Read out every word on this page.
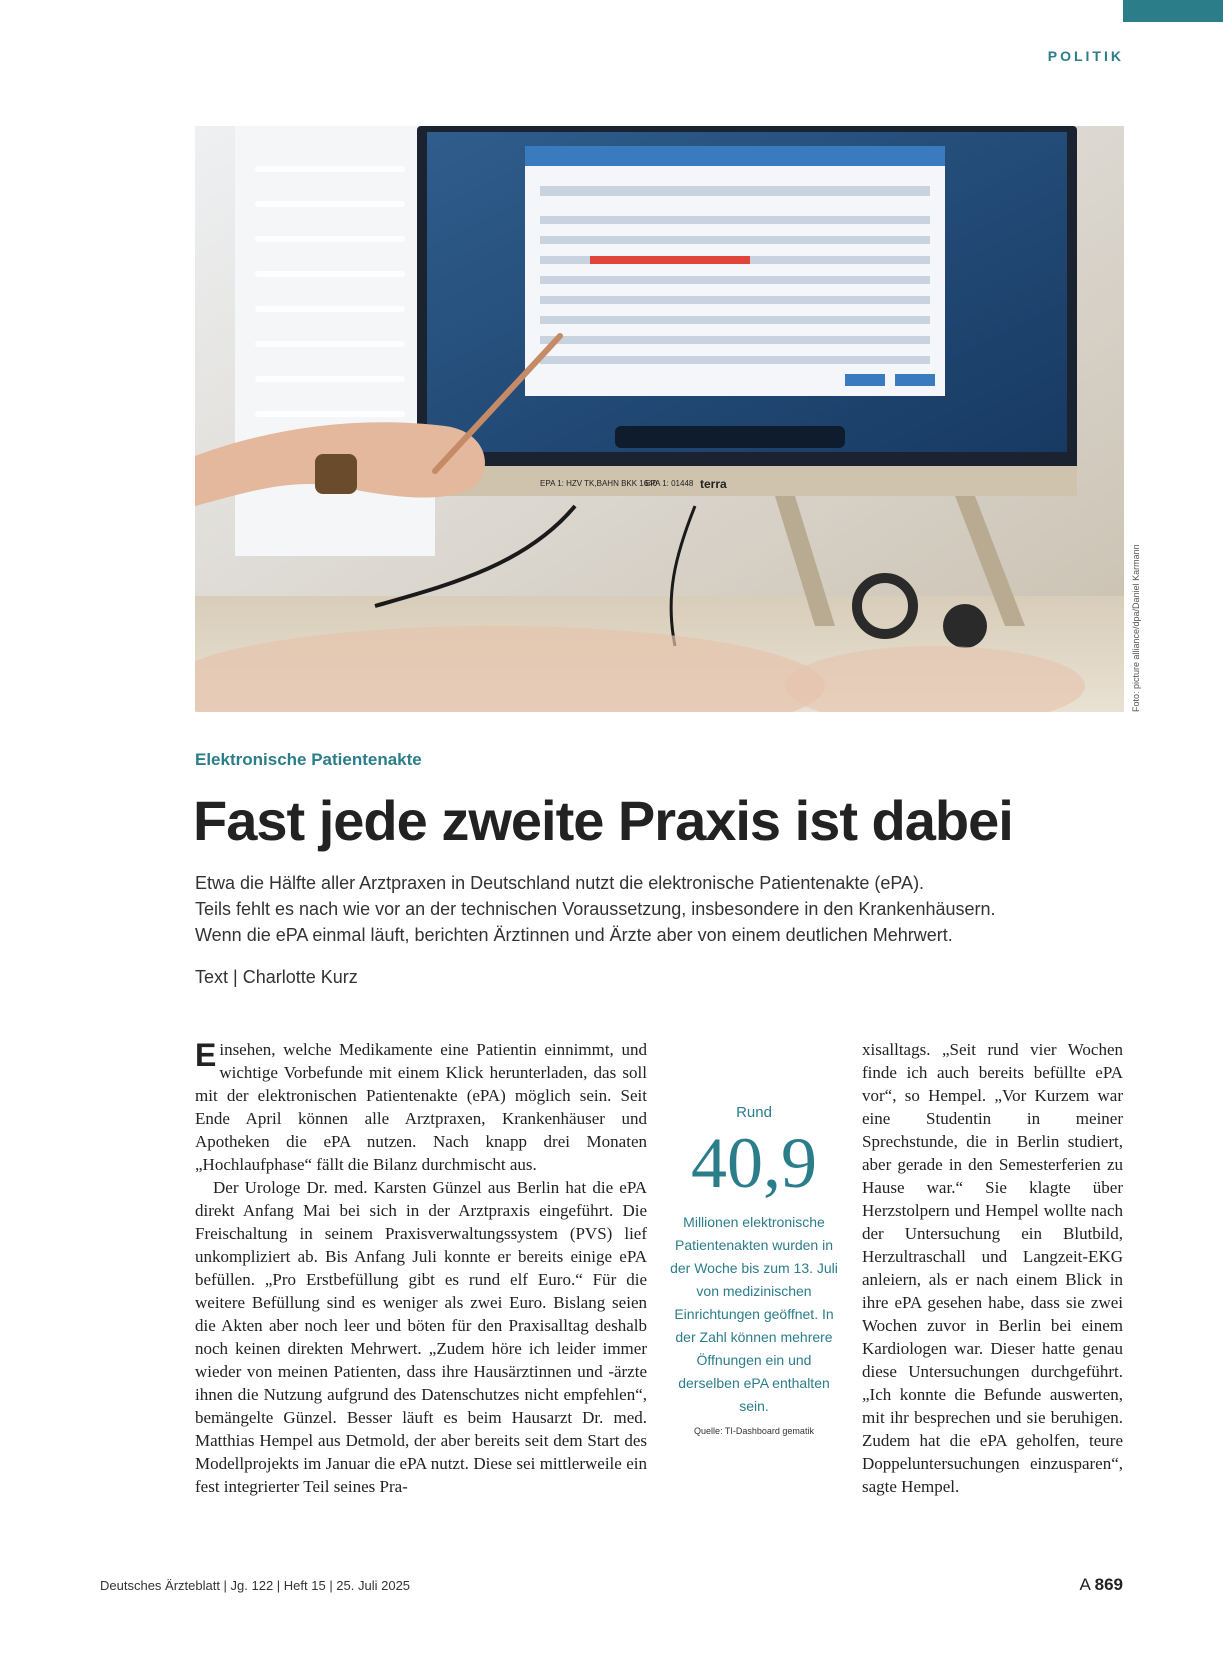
POLITIK
EPA 1: HZV TK,BAHN BKK 1640
EPA 1: 01448 terra
Foto: picture alliance/dpa/Daniel Karmann
Elektronische Patientenakte
Fast jede zweite Praxis ist dabei
Etwa die Hälfte aller Arztpraxen in Deutschland nutzt die elektronische Patientenakte (ePA).
Teils fehlt es nach wie vor an der technischen Voraussetzung, insbesondere in den Krankenhäusern.
Wenn die ePA einmal läuft, berichten Ärztinnen und Ärzte aber von einem deutlichen Mehrwert.
Text | Charlotte Kurz

Einsehen, welche Medikamente eine Patientin einnimmt, und wichtige Vorbefunde mit einem Klick herunterladen, das soll mit der elektronischen Patientenakte (ePA) möglich sein. Seit Ende April können alle Arztpraxen, Krankenhäuser und Apotheken die ePA nutzen. Nach knapp drei Monaten „Hochlaufphase“ fällt die Bilanz durchmischt aus.

Der Urologe Dr. med. Karsten Günzel aus Berlin hat die ePA direkt Anfang Mai bei sich in der Arztpraxis eingeführt. Die Freischaltung in seinem Praxisverwaltungssystem (PVS) lief unkompliziert ab. Bis Anfang Juli konnte er bereits einige ePA befüllen. „Pro Erstbefüllung gibt es rund elf Euro.“ Für die weitere Befüllung sind es weniger als zwei Euro. Bislang seien die Akten aber noch leer und böten für den Praxisalltag deshalb noch keinen direkten Mehrwert. „Zudem höre ich leider immer wieder von meinen Patienten, dass ihre Hausärztinnen und -ärzte ihnen die Nutzung aufgrund des Datenschutzes nicht empfehlen“, bemängelte Günzel. Besser läuft es beim Hausarzt Dr. med. Matthias Hempel aus Detmold, der aber bereits seit dem Start des Modellprojekts im Januar die ePA nutzt. Diese sei mittlerweile ein fest integrierter Teil seines Pra-

Rund
40,9
Millionen elektronische Patientenakten wurden in der Woche bis zum 13. Juli von medizinischen Einrichtungen geöffnet. In der Zahl können mehrere Öffnungen ein und derselben ePA enthalten sein.
Quelle: TI-Dashboard gematik

xisalltags. „Seit rund vier Wochen finde ich auch bereits befüllte ePA vor“, so Hempel. „Vor Kurzem war eine Studentin in meiner Sprechstunde, die in Berlin studiert, aber gerade in den Semesterferien zu Hause war.“ Sie klagte über Herzstolpern und Hempel wollte nach der Untersuchung ein Blutbild, Herzultraschall und Langzeit-EKG anleiern, als er nach einem Blick in ihre ePA gesehen habe, dass sie zwei Wochen zuvor in Berlin bei einem Kardiologen war. Dieser hatte genau diese Untersuchungen durchgeführt. „Ich konnte die Befunde auswerten, mit ihr besprechen und sie beruhigen. Zudem hat die ePA geholfen, teure Doppeluntersuchungen einzusparen“, sagte Hempel.

Deutsches Ärzteblatt | Jg. 122 | Heft 15 | 25. Juli 2025	A 869
